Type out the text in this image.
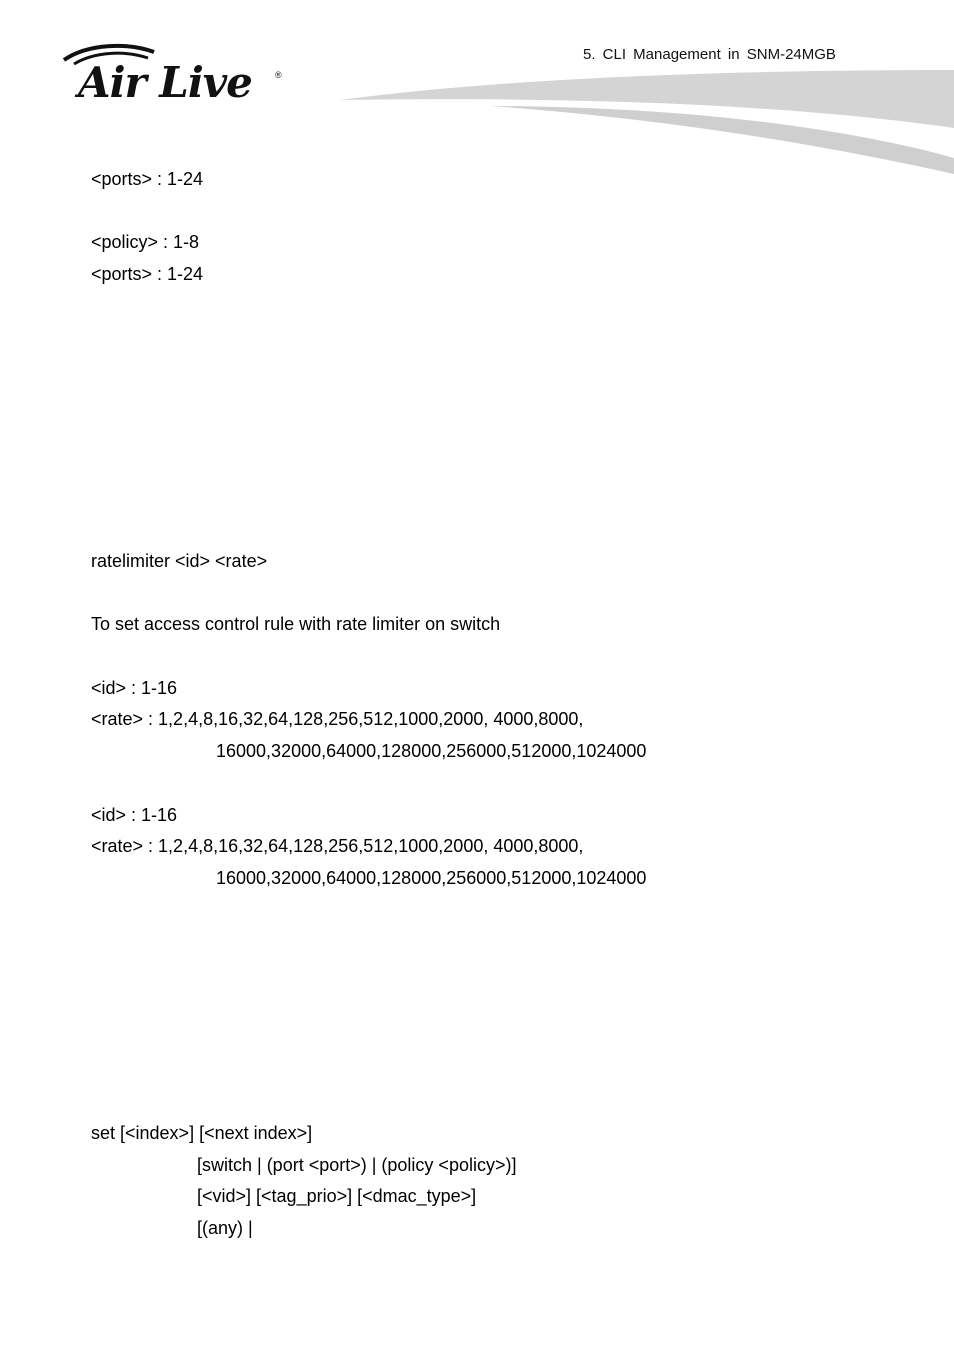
Air Live	®
5. CLI Management in SNM-24MGB
<ports> : 1-24
<policy> : 1-8
<ports> : 1-24
ratelimiter <id> <rate>
To set access control rule with rate limiter on switch
<id> : 1-16
<rate> : 1,2,4,8,16,32,64,128,256,512,1000,2000, 4000,8000,
16000,32000,64000,128000,256000,512000,1024000
<id> : 1-16
<rate> : 1,2,4,8,16,32,64,128,256,512,1000,2000, 4000,8000,
16000,32000,64000,128000,256000,512000,1024000
set [<index>] [<next index>]
[switch | (port <port>) | (policy <policy>)]
[<vid>] [<tag_prio>] [<dmac_type>]
[(any) |
